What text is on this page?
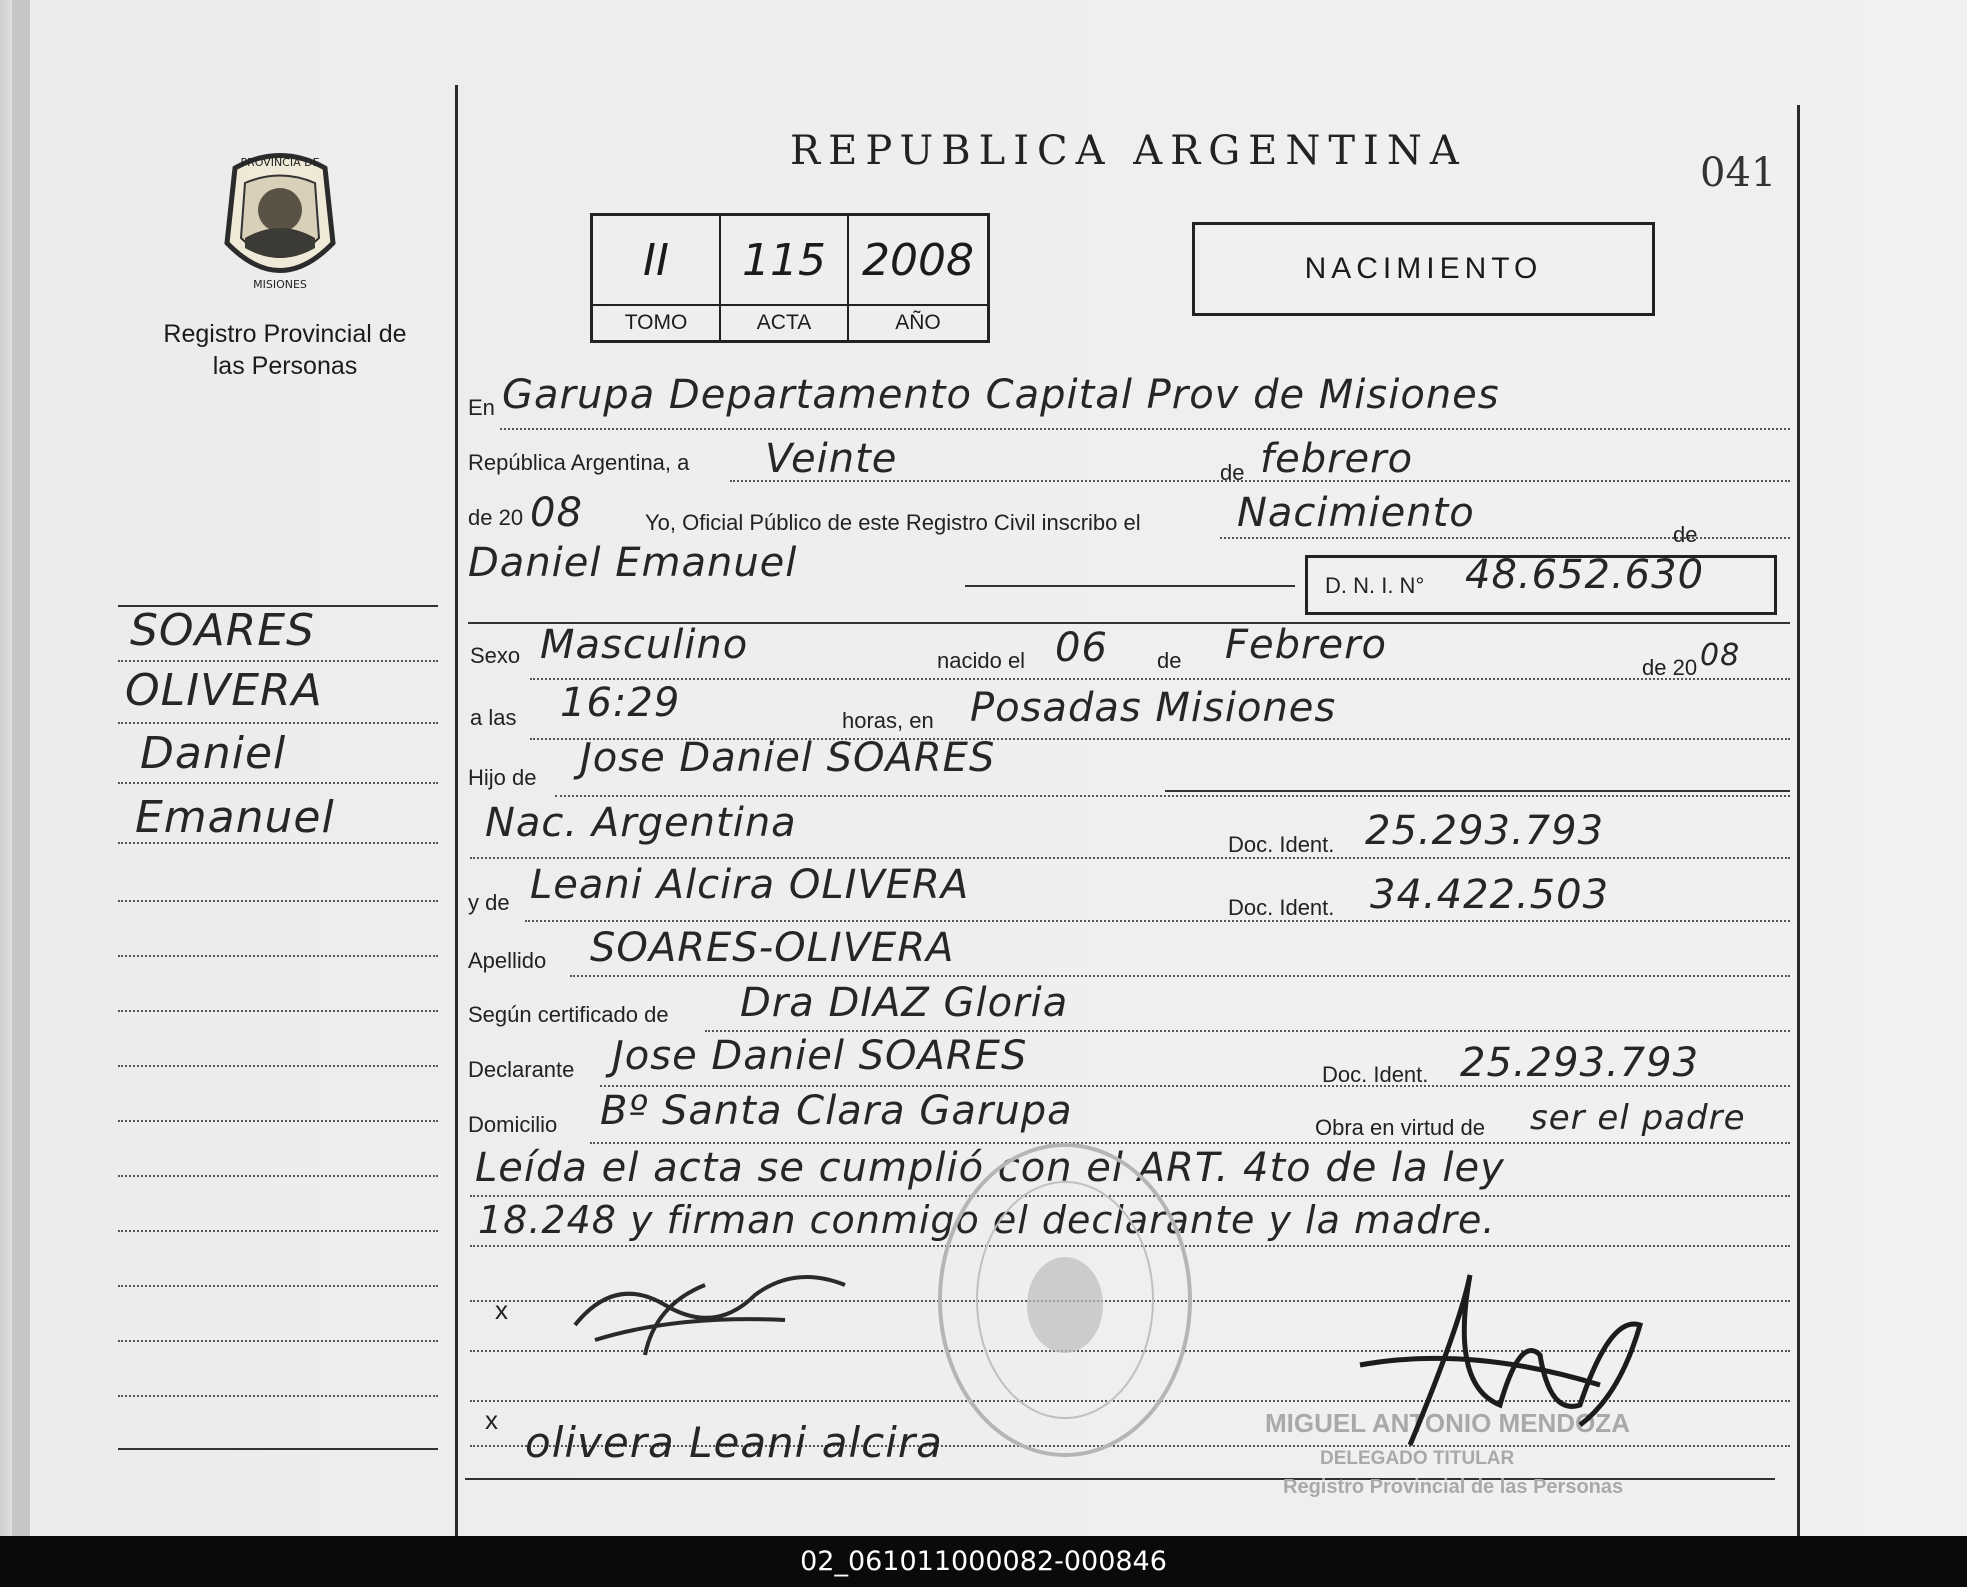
PROVINCIA DE
MISIONES
Registro Provincial de las Personas
REPUBLICA ARGENTINA	041
II	115 2008
TOMO	ACTA	AÑO
NACIMIENTO
SOARES
OLIVERA
Daniel
Emanuel
En Garupa Departamento Capital Prov de Misiones
República Argentina, a Veinte	de febrero
de 20 08	Yo, Oficial Público de este Registro Civil inscribo el Nacimiento	de
Daniel Emanuel	D. N. I. N° 48.652.630
Sexo Masculino	nacido el 06 de Febrero	de 20 08
a las 16:29	horas, en Posadas Misiones
Hijo de Jose Daniel SOARES
Nac. Argentina	Doc. Ident. 25.293.793
y de Leani Alcira OLIVERA	Doc. Ident. 34.422.503
Apellido SOARES-OLIVERA
Según certificado de Dra DIAZ Gloria
Declarante Jose Daniel SOARES	Doc. Ident. 25.293.793
Domicilio Bº Santa Clara Garupa	Obra en virtud de ser el padre
Leída el acta se cumplió con el ART. 4to de la ley
18.248 y firman conmigo el declarante y la madre.
x
x olivera Leani alcira	MIGUEL ANTONIO MENDOZA
DELEGADO TITULAR
Registro Provincial de las Personas
02_061011000082-000846
